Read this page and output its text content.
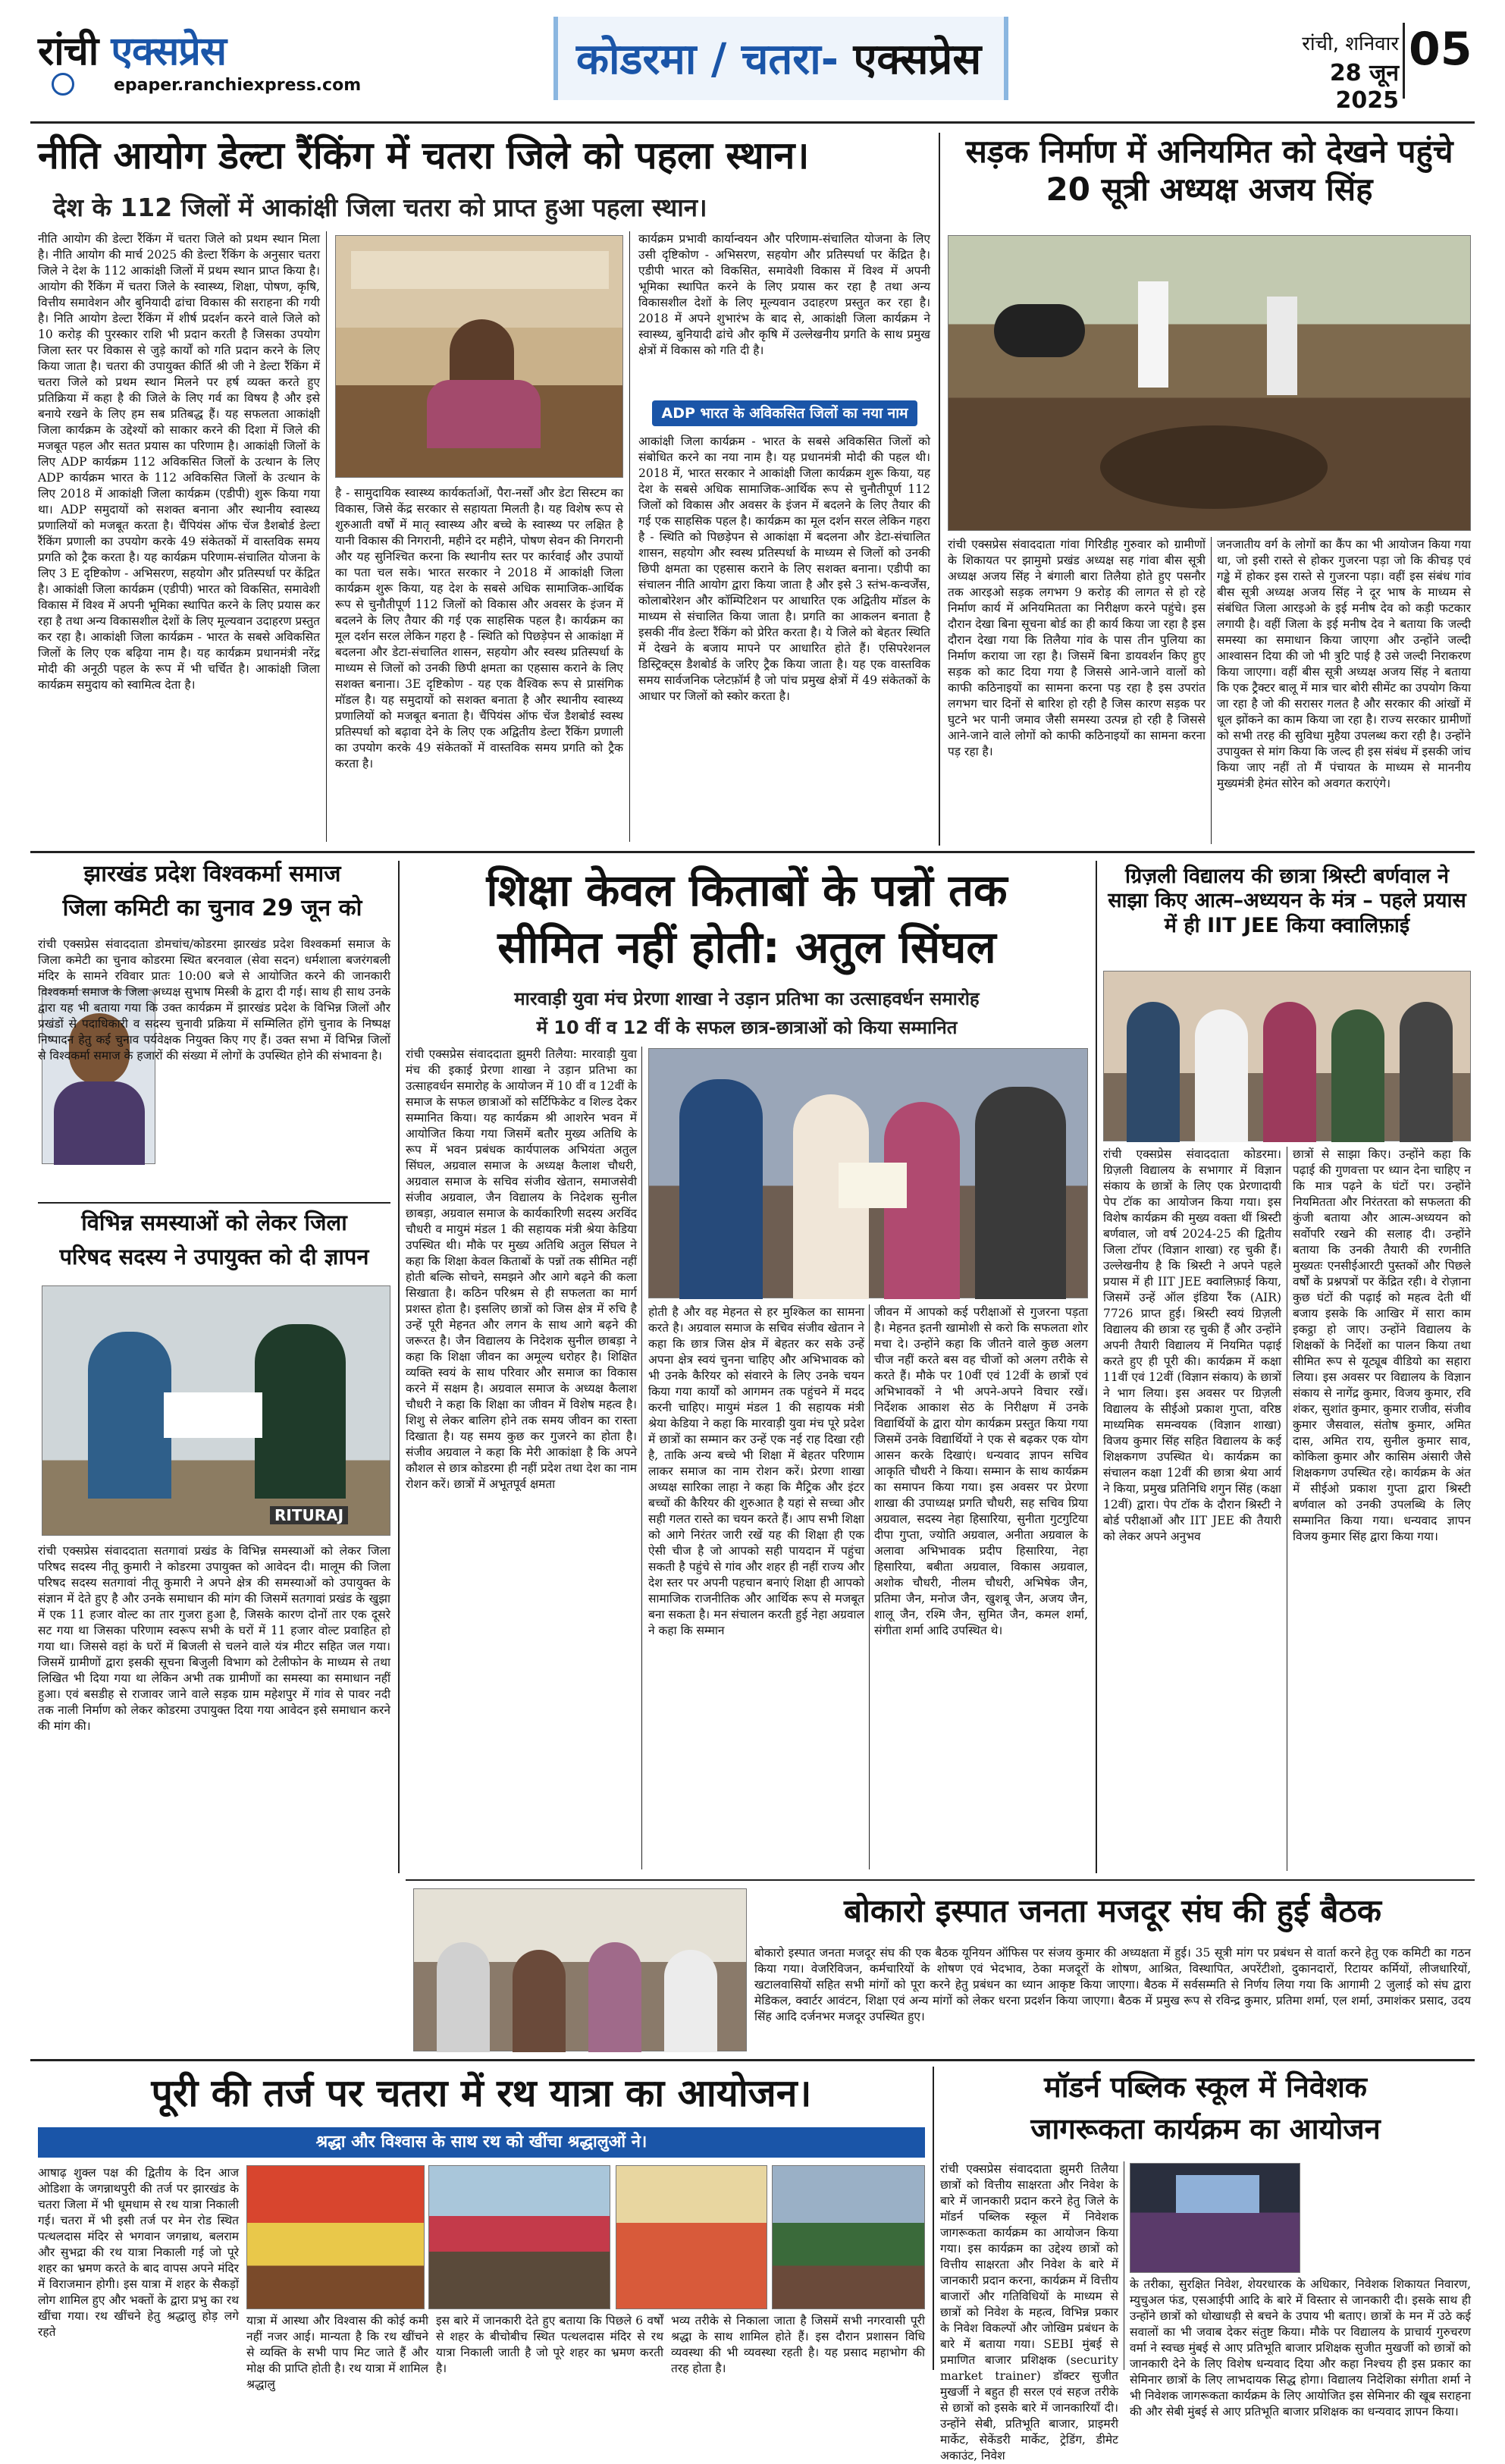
रांची एक्सप्रेस
epaper.ranchiexpress.com
कोडरमा / चतरा- एक्सप्रेस	रांची, शनिवार
28 जून 2025
05
नीति आयोग डेल्टा रैंकिंग में चतरा जिले को पहला स्थान।
देश के 112 जिलों में आकांक्षी जिला चतरा को प्राप्त हुआ पहला स्थान।
नीति आयोग की डेल्टा रैंकिंग में चतरा जिले को प्रथम स्थान मिला है। नीति आयोग की मार्च 2025 की डेल्टा रैंकिंग के अनुसार चतरा जिले ने देश के 112 आकांक्षी जिलों में प्रथम स्थान प्राप्त किया है। आयोग की रैंकिंग में चतरा जिले के स्वास्थ्य, शिक्षा, पोषण, कृषि, वित्तीय समावेशन और बुनियादी ढांचा विकास की सराहना की गयी है। निति आयोग डेल्टा रैंकिंग में शीर्ष प्रदर्शन करने वाले जिले को 10 करोड़ की पुरस्कार राशि भी प्रदान करती है जिसका उपयोग जिला स्तर पर विकास से जुड़े कार्यों को गति प्रदान करने के लिए किया जाता है। चतरा की उपायुक्त कीर्ति श्री जी ने डेल्टा रैंकिंग में चतरा जिले को प्रथम स्थान मिलने पर हर्ष व्यक्त करते हुए प्रतिक्रिया में कहा है की जिले के लिए गर्व का विषय है और इसे बनाये रखने के लिए हम सब प्रतिबद्ध हैं। यह सफलता आकांक्षी जिला कार्यक्रम के उद्देश्यों को साकार करने की दिशा में जिले की मजबूत पहल और सतत प्रयास का परिणाम है। आकांक्षी जिलों के लिए ADP कार्यक्रम 112 अविकसित जिलों के उत्थान के लिए ADP कार्यक्रम भारत के 112 अविकसित जिलों के उत्थान के लिए 2018 में आकांक्षी जिला कार्यक्रम (एडीपी) शुरू किया गया था। ADP समुदायों को सशक्त बनाना और स्थानीय स्वास्थ्य प्रणालियों को मजबूत करता है। चैंपियंस ऑफ चेंज डैशबोर्ड डेल्टा रैंकिंग प्रणाली का उपयोग करके 49 संकेतकों में वास्तविक समय प्रगति को ट्रैक करता है। यह कार्यक्रम परिणाम-संचालित योजना के लिए 3 E दृष्टिकोण - अभिसरण, सहयोग और प्रतिस्पर्धा पर केंद्रित है। आकांक्षी जिला कार्यक्रम (एडीपी) भारत को विकसित, समावेशी विकास में विश्व में अपनी भूमिका स्थापित करने के लिए प्रयास कर रहा है तथा अन्य विकासशील देशों के लिए मूल्यवान उदाहरण प्रस्तुत कर रहा है। आकांक्षी जिला कार्यक्रम - भारत के सबसे अविकसित जिलों के लिए एक बढ़िया नाम है। यह कार्यक्रम प्रधानमंत्री नरेंद्र मोदी की अनूठी पहल के रूप में भी चर्चित है। आकांक्षी जिला कार्यक्रम समुदाय को स्वामित्व देता है।
है - सामुदायिक स्वास्थ्य कार्यकर्ताओं, पैरा-नर्सों और डेटा सिस्टम का विकास, जिसे केंद्र सरकार से सहायता मिलती है। यह विशेष रूप से शुरुआती वर्षों में मातृ स्वास्थ्य और बच्चे के स्वास्थ्य पर लक्षित है यानी विकास की निगरानी, महीने दर महीने, पोषण सेवन की निगरानी और यह सुनिश्चित करना कि स्थानीय स्तर पर कार्रवाई और उपायों का पता चल सके। भारत सरकार ने 2018 में आकांक्षी जिला कार्यक्रम शुरू किया, यह देश के सबसे अधिक सामाजिक-आर्थिक रूप से चुनौतीपूर्ण 112 जिलों को विकास और अवसर के इंजन में बदलने के लिए तैयार की गई एक साहसिक पहल है। कार्यक्रम का मूल दर्शन सरल लेकिन गहरा है - स्थिति को पिछड़ेपन से आकांक्षा में बदलना और डेटा-संचालित शासन, सहयोग और स्वस्थ प्रतिस्पर्धा के माध्यम से जिलों को उनकी छिपी क्षमता का एहसास कराने के लिए सशक्त बनाना। 3E दृष्टिकोण - यह एक वैश्विक रूप से प्रासंगिक मॉडल है। यह समुदायों को सशक्त बनाता है और स्थानीय स्वास्थ्य प्रणालियों को मजबूत बनाता है। चैंपियंस ऑफ चेंज डैशबोर्ड स्वस्थ प्रतिस्पर्धा को बढ़ावा देने के लिए एक अद्वितीय डेल्टा रैंकिंग प्रणाली का उपयोग करके 49 संकेतकों में वास्तविक समय प्रगति को ट्रैक करता है।
कार्यक्रम प्रभावी कार्यान्वयन और परिणाम-संचालित योजना के लिए उसी दृष्टिकोण - अभिसरण, सहयोग और प्रतिस्पर्धा पर केंद्रित है। एडीपी भारत को विकसित, समावेशी विकास में विश्व में अपनी भूमिका स्थापित करने के लिए प्रयास कर रहा है तथा अन्य विकासशील देशों के लिए मूल्यवान उदाहरण प्रस्तुत कर रहा है। 2018 में अपने शुभारंभ के बाद से, आकांक्षी जिला कार्यक्रम ने स्वास्थ्य, बुनियादी ढांचे और कृषि में उल्लेखनीय प्रगति के साथ प्रमुख क्षेत्रों में विकास को गति दी है।
ADP भारत के अविकसित जिलों का नया नाम
आकांक्षी जिला कार्यक्रम - भारत के सबसे अविकसित जिलों को संबोधित करने का नया नाम है। यह प्रधानमंत्री मोदी की पहल थी। 2018 में, भारत सरकार ने आकांक्षी जिला कार्यक्रम शुरू किया, यह देश के सबसे अधिक सामाजिक-आर्थिक रूप से चुनौतीपूर्ण 112 जिलों को विकास और अवसर के इंजन में बदलने के लिए तैयार की गई एक साहसिक पहल है। कार्यक्रम का मूल दर्शन सरल लेकिन गहरा है - स्थिति को पिछड़ेपन से आकांक्षा में बदलना और डेटा-संचालित शासन, सहयोग और स्वस्थ प्रतिस्पर्धा के माध्यम से जिलों को उनकी छिपी क्षमता का एहसास कराने के लिए सशक्त बनाना। एडीपी का संचालन नीति आयोग द्वारा किया जाता है और इसे 3 स्तंभ-कन्वर्जेंस, कोलाबोरेशन और कॉम्पिटिशन पर आधारित एक अद्वितीय मॉडल के माध्यम से संचालित किया जाता है। प्रगति का आकलन बनाता है इसकी नींव डेल्टा रैंकिंग को प्रेरित करता है। ये जिले को बेहतर स्थिति में देखने के बजाय मापने पर आधारित होते हैं। एसिपरेशनल डिस्ट्रिक्ट्स डैशबोर्ड के जरिए ट्रैक किया जाता है। यह एक वास्तविक समय सार्वजनिक प्लेटफ़ॉर्म है जो पांच प्रमुख क्षेत्रों में 49 संकेतकों के आधार पर जिलों को स्कोर करता है।
सड़क निर्माण में अनियमित को देखने पहुंचे 20 सूत्री अध्यक्ष अजय सिंह
रांची एक्सप्रेस संवाददाता गांवा गिरिडीह गुरुवार को ग्रामीणों के शिकायत पर झामुमो प्रखंड अध्यक्ष सह गांवा बीस सूत्री अध्यक्ष अजय सिंह ने बंगाली बारा तिलैया होते हुए पसनौर तक आरइओ सड़क लगभग 9 करोड़ की लागत से हो रहे निर्माण कार्य में अनियमितता का निरीक्षण करने पहुंचे। इस दौरान देखा बिना सूचना बोर्ड का ही कार्य किया जा रहा है इस दौरान देखा गया कि तिलैया गांव के पास तीन पुलिया का निर्माण कराया जा रहा है। जिसमें बिना डायवर्शन किए हुए सड़क को काट दिया गया है जिससे आने-जाने वालों को काफी कठिनाइयों का सामना करना पड़ रहा है इस उपरांत लगभग चार दिनों से बारिश हो रही है जिस कारण सड़क पर घुटने भर पानी जमाव जैसी समस्या उत्पन्न हो रही है जिससे आने-जाने वाले लोगों को काफी कठिनाइयों का सामना करना पड़ रहा है।
जनजातीय वर्ग के लोगों का कैंप का भी आयोजन किया गया था, जो इसी रास्ते से होकर गुजरना पड़ा जो कि कीचड़ एवं गड्ढे में होकर इस रास्ते से गुजरना पड़ा। वहीं इस संबंध गांव बीस सूत्री अध्यक्ष अजय सिंह ने दूर भाष के माध्यम से संबंधित जिला आरइओ के इई मनीष देव को कड़ी फटकार लगायी है। वहीं जिला के इई मनीष देव ने बताया कि जल्दी समस्या का समाधान किया जाएगा और उन्होंने जल्दी आश्वासन दिया की जो भी त्रुटि पाई है उसे जल्दी निराकरण किया जाएगा। वहीं बीस सूत्री अध्यक्ष अजय सिंह ने बताया कि एक ट्रैक्टर बालू में मात्र चार बोरी सीमेंट का उपयोग किया जा रहा है जो की सरासर गलत है और सरकार की आंखों में धूल झोंकने का काम किया जा रहा है। राज्य सरकार ग्रामीणों को सभी तरह की सुविधा मुहैया उपलब्ध करा रही है। उन्होंने उपायुक्त से मांग किया कि जल्द ही इस संबंध में इसकी जांच किया जाए नहीं तो मैं पंचायत के माध्यम से माननीय मुख्यमंत्री हेमंत सोरेन को अवगत कराएंगे।
झारखंड प्रदेश विश्वकर्मा समाज
जिला कमिटी का चुनाव 29 जून को
रांची एक्सप्रेस संवाददाता डोमचांच/कोडरमा झारखंड प्रदेश विश्वकर्मा समाज के जिला कमेटी का चुनाव कोडरमा स्थित बरनवाल (सेवा सदन) धर्मशाला बजरंगबली मंदिर के सामने रविवार प्रातः 10:00 बजे से आयोजित करने की जानकारी विश्वकर्मा समाज के जिला अध्यक्ष सुभाष मिस्त्री के द्वारा दी गई। साथ ही साथ उनके द्वारा यह भी बताया गया कि उक्त कार्यक्रम में झारखंड प्रदेश के विभिन्न जिलों और प्रखंडों से पदाधिकारी व सदस्य चुनावी प्रक्रिया में सम्मिलित होंगे चुनाव के निष्पक्ष निष्पादन हेतु कई चुनाव पर्यवेक्षक नियुक्त किए गए हैं। उक्त सभा में विभिन्न जिलों से विश्वकर्मा समाज के हजारों की संख्या में लोगों के उपस्थित होने की संभावना है।
विभिन्न समस्याओं को लेकर जिला
परिषद सदस्य ने उपायुक्त को दी ज्ञापन
RITURAJ
रांची एक्सप्रेस संवाददाता सतगावां प्रखंड के विभिन्न समस्याओं को लेकर जिला परिषद सदस्य नीतू कुमारी ने कोडरमा उपायुक्त को आवेदन दी। मालूम की जिला परिषद सदस्य सतगावां नीतू कुमारी ने अपने क्षेत्र की समस्याओं को उपायुक्त के संज्ञान में देते हुए है और उनके समाधान की मांग की जिसमें सतगावां प्रखंड के खुझा में एक 11 हजार वोल्ट का तार गुजरा हुआ है, जिसके कारण दोनों तार एक दूसरे सट गया था जिसका परिणाम स्वरूप सभी के घरों में 11 हजार वोल्ट प्रवाहित हो गया था। जिससे वहां के घरों में बिजली से चलने वाले यंत्र मीटर सहित जल गया। जिसमें ग्रामीणों द्वारा इसकी सूचना बिजुली विभाग को टेलीफोन के माध्यम से तथा लिखित भी दिया गया था लेकिन अभी तक ग्रामीणों का समस्या का समाधान नहीं हुआ। एवं बसडीह से राजावर जाने वाले सड़क ग्राम महेशपुर में गांव से पावर नदी तक नाली निर्माण को लेकर कोडरमा उपायुक्त दिया गया आवेदन इसे समाधान करने की मांग की।
शिक्षा केवल किताबों के पन्नों तक
सीमित नहीं होती: अतुल सिंघल
मारवाड़ी युवा मंच प्रेरणा शाखा ने उड़ान प्रतिभा का उत्साहवर्धन समारोह
में 10 वीं व 12 वीं के सफल छात्र-छात्राओं को किया सम्मानित
रांची एक्सप्रेस संवाददाता झुमरी तिलैया: मारवाड़ी युवा मंच की इकाई प्रेरणा शाखा ने उड़ान प्रतिभा का उत्साहवर्धन समारोह के आयोजन में 10 वीं व 12वीं के समाज के सफल छात्राओं को सर्टिफिकेट व शिल्ड देकर सम्मानित किया। यह कार्यक्रम श्री आशरेन भवन में आयोजित किया गया जिसमें बतौर मुख्य अतिथि के रूप में भवन प्रबंधक कार्यपालक अभियंता अतुल सिंघल, अग्रवाल समाज के अध्यक्ष कैलाश चौधरी, अग्रवाल समाज के सचिव संजीव खेतान, समाजसेवी संजीव अग्रवाल, जैन विद्यालय के निदेशक सुनील छाबड़ा, अग्रवाल समाज के कार्यकारिणी सदस्य अरविंद चौधरी व मायुमं मंडल 1 की सहायक मंत्री श्रेया केडिया उपस्थित थी। मौके पर मुख्य अतिथि अतुल सिंघल ने कहा कि शिक्षा केवल किताबों के पन्नों तक सीमित नहीं होती बल्कि सोचने, समझने और आगे बढ़ने की कला सिखाता है। कठिन परिश्रम से ही सफलता का मार्ग प्रशस्त होता है। इसलिए छात्रों को जिस क्षेत्र में रुचि है उन्हें पूरी मेहनत और लगन के साथ आगे बढ़ने की जरूरत है। जैन विद्यालय के निदेशक सुनील छाबड़ा ने कहा कि शिक्षा जीवन का अमूल्य धरोहर है। शिक्षित व्यक्ति स्वयं के साथ परिवार और समाज का विकास करने में सक्षम है। अग्रवाल समाज के अध्यक्ष कैलाश चौधरी ने कहा कि शिक्षा का जीवन में विशेष महत्व है। शिशु से लेकर बालिग होने तक समय जीवन का रास्ता दिखाता है। यह समय कुछ कर गुजरने का होता है। संजीव अग्रवाल ने कहा कि मेरी आकांक्षा है कि अपने कौशल से छात्र कोडरमा ही नहीं प्रदेश तथा देश का नाम रोशन करें। छात्रों में अभूतपूर्व क्षमता
होती है और वह मेहनत से हर मुश्किल का सामना करते है। अग्रवाल समाज के सचिव संजीव खेतान ने कहा कि छात्र जिस क्षेत्र में बेहतर कर सके उन्हें अपना क्षेत्र स्वयं चुनना चाहिए और अभिभावक को भी उनके कैरियर को संवारने के लिए उनके चयन किया गया कार्यों को आगमन तक पहुंचने में मदद करनी चाहिए। मायुमं मंडल 1 की सहायक मंत्री श्रेया केडिया ने कहा कि मारवाड़ी युवा मंच पूरे प्रदेश में छात्रों का सम्मान कर उन्हें एक नई राह दिखा रही है, ताकि अन्य बच्चे भी शिक्षा में बेहतर परिणाम लाकर समाज का नाम रोशन करें। प्रेरणा शाखा अध्यक्ष सारिका लाहा ने कहा कि मैट्रिक और इंटर बच्चों की कैरियर की शुरुआत है यहां से सच्चा और सही गलत रास्ते का चयन करते हैं। आप सभी शिक्षा को आगे निरंतर जारी रखें यह की शिक्षा ही एक ऐसी चीज है जो आपको सही पायदान में पहुंचा सकती है पहुंचे से गांव और शहर ही नहीं राज्य और देश स्तर पर अपनी पहचान बनाएं शिक्षा ही आपको सामाजिक राजनीतिक और आर्थिक रूप से मजबूत बना सकता है। मन संचालन करती हुई नेहा अग्रवाल ने कहा कि सम्मान
जीवन में आपको कई परीक्षाओं से गुजरना पड़ता है। मेहनत इतनी खामोशी से करो कि सफलता शोर मचा दे। उन्होंने कहा कि जीतने वाले कुछ अलग चीज नहीं करते बस वह चीजों को अलग तरीके से करते हैं। मौके पर 10वीं एवं 12वीं के छात्रों एवं अभिभावकों ने भी अपने-अपने विचार रखें। निर्देशक आकाश सेठ के निरीक्षण में उनके विद्यार्थियों के द्वारा योग कार्यक्रम प्रस्तुत किया गया जिसमें उनके विद्यार्थियों ने एक से बढ़कर एक योग आसन करके दिखाएं। धन्यवाद ज्ञापन सचिव आकृति चौधरी ने किया। सम्मान के साथ कार्यक्रम का समापन किया गया। इस अवसर पर प्रेरणा शाखा की उपाध्यक्ष प्रगति चौधरी, सह सचिव प्रिया अग्रवाल, सदस्य नेहा हिसारिया, सुनीता गुटगुटिया दीपा गुप्ता, ज्योति अग्रवाल, अनीता अग्रवाल के अलावा अभिभावक प्रदीप हिसारिया, नेहा हिसारिया, बबीता अग्रवाल, विकास अग्रवाल, अशोक चौधरी, नीलम चौधरी, अभिषेक जैन, प्रतिमा जैन, मनोज जैन, खुशबू जैन, अजय जैन, शालू जैन, रश्मि जैन, सुमित जैन, कमल शर्मा, संगीता शर्मा आदि उपस्थित थे।
ग्रिज़ली विद्यालय की छात्रा श्रिस्टी बर्णवाल ने साझा किए आत्म–अध्ययन के मंत्र – पहले प्रयास में ही IIT JEE किया क्वालिफ़ाई
रांची एक्सप्रेस संवाददाता कोडरमा। ग्रिज़ली विद्यालय के सभागार में विज्ञान संकाय के छात्रों के लिए एक प्रेरणादायी पेप टॉक का आयोजन किया गया। इस विशेष कार्यक्रम की मुख्य वक्ता थीं श्रिस्टी बर्णवाल, जो वर्ष 2024-25 की द्वितीय जिला टॉपर (विज्ञान शाखा) रह चुकी हैं। उल्लेखनीय है कि श्रिस्टी ने अपने पहले प्रयास में ही IIT JEE क्वालिफ़ाई किया, जिसमें उन्हें ऑल इंडिया रैंक (AIR) 7726 प्राप्त हुई। श्रिस्टी स्वयं ग्रिज़ली विद्यालय की छात्रा रह चुकी हैं और उन्होंने अपनी तैयारी विद्यालय में नियमित पढ़ाई करते हुए ही पूरी की। कार्यक्रम में कक्षा 11वीं एवं 12वीं (विज्ञान संकाय) के छात्रों ने भाग लिया। इस अवसर पर ग्रिज़ली विद्यालय के सीईओ प्रकाश गुप्ता, वरिष्ठ माध्यमिक समन्वयक (विज्ञान शाखा) विजय कुमार सिंह सहित विद्यालय के कई शिक्षकगण उपस्थित थे। कार्यक्रम का संचालन कक्षा 12वीं की छात्रा श्रेया आर्य ने किया, प्रमुख प्रतिनिधि शगुन सिंह (कक्षा 12वीं) द्वारा। पेप टॉक के दौरान श्रिस्टी ने बोर्ड परीक्षाओं और IIT JEE की तैयारी को लेकर अपने अनुभव
छात्रों से साझा किए। उन्होंने कहा कि पढ़ाई की गुणवत्ता पर ध्यान देना चाहिए न कि मात्र पढ़ने के घंटों पर। उन्होंने नियमितता और निरंतरता को सफलता की कुंजी बताया और आत्म-अध्ययन को सर्वोपरि रखने की सलाह दी। उन्होंने बताया कि उनकी तैयारी की रणनीति मुख्यतः एनसीईआरटी पुस्तकों और पिछले वर्षों के प्रश्नपत्रों पर केंद्रित रही। वे रोज़ाना कुछ घंटों की पढ़ाई को महत्व देती थीं बजाय इसके कि आखिर में सारा काम इकट्ठा हो जाए। उन्होंने विद्यालय के शिक्षकों के निर्देशों का पालन किया तथा सीमित रूप से यूट्यूब वीडियो का सहारा लिया। इस अवसर पर विद्यालय के विज्ञान संकाय से नागेंद्र कुमार, विजय कुमार, रवि शंकर, सुशांत कुमार, कुमार राजीव, संजीव कुमार जैसवाल, संतोष कुमार, अमित दास, अमित राय, सुनील कुमार साव, कोकिला कुमार और कासिम अंसारी जैसे शिक्षकगण उपस्थित रहे। कार्यक्रम के अंत में सीईओ प्रकाश गुप्ता द्वारा श्रिस्टी बर्णवाल को उनकी उपलब्धि के लिए सम्मानित किया गया। धन्यवाद ज्ञापन विजय कुमार सिंह द्वारा किया गया।
बोकारो इस्पात जनता मजदूर संघ की हुई बैठक
बोकारो इस्पात जनता मजदूर संघ की एक बैठक यूनियन ऑफिस पर संजय कुमार की अध्यक्षता में हुई। 35 सूत्री मांग पर प्रबंधन से वार्ता करने हेतु एक कमिटी का गठन किया गया। वेजरिविजन, कर्मचारियों के शोषण एवं भेदभाव, ठेका मजदूरों के शोषण, आश्रित, विस्थापित, अपरेंटीशो, दुकानदारों, रिटायर कर्मियों, लीजधारियों, खटालवासियों सहित सभी मांगों को पूरा करने हेतु प्रबंधन का ध्यान आकृष्ट किया जाएगा। बैठक में सर्वसम्मति से निर्णय लिया गया कि आगामी 2 जुलाई को संघ द्वारा मेडिकल, क्वार्टर आवंटन, शिक्षा एवं अन्य मांगों को लेकर धरना प्रदर्शन किया जाएगा। बैठक में प्रमुख रूप से रविन्द्र कुमार, प्रतिमा शर्मा, एल शर्मा, उमाशंकर प्रसाद, उदय सिंह आदि दर्जनभर मजदूर उपस्थित हुए।
पूरी की तर्ज पर चतरा में रथ यात्रा का आयोजन।
श्रद्धा और विश्वास के साथ रथ को खींचा श्रद्धालुओं ने।
आषाढ़ शुक्ल पक्ष की द्वितीय के दिन आज ओडिशा के जगन्नाथपुरी की तर्ज पर झारखंड के चतरा जिला में भी धूमधाम से रथ यात्रा निकाली गई। चतरा में भी इसी तर्ज पर मेन रोड स्थित पत्थलदास मंदिर से भगवान जगन्नाथ, बलराम और सुभद्रा की रथ यात्रा निकाली गई जो पूरे शहर का भ्रमण करते के बाद वापस अपने मंदिर में विराजमान होगी। इस यात्रा में शहर के सैकड़ों लोग शामिल हुए और भक्तों के द्वारा प्रभु का रथ खींचा गया। रथ खींचने हेतु श्रद्धालु होड़ लगे रहते
यात्रा में आस्था और विश्वास की कोई कमी नहीं नजर आई। मान्यता है कि रथ खींचने से व्यक्ति के सभी पाप मिट जाते हैं और मोक्ष की प्राप्ति होती है। रथ यात्रा में शामिल श्रद्धालु
इस बारे में जानकारी देते हुए बताया कि पिछले 6 वर्षों से शहर के बीचोबीच स्थित पत्थलदास मंदिर से रथ यात्रा निकाली जाती है जो पूरे शहर का भ्रमण करती है।
भव्य तरीके से निकाला जाता है जिसमें सभी नगरवासी पूरी श्रद्धा के साथ शामिल होते हैं। इस दौरान प्रशासन विधि व्यवस्था की भी व्यवस्था रहती है। यह प्रसाद महाभोग की तरह होता है।
मॉडर्न पब्लिक स्कूल में निवेशक
जागरूकता कार्यक्रम का आयोजन
रांची एक्सप्रेस संवाददाता झुमरी तिलैया छात्रों को वित्तीय साक्षरता और निवेश के बारे में जानकारी प्रदान करने हेतु जिले के मॉडर्न पब्लिक स्कूल में निवेशक जागरूकता कार्यक्रम का आयोजन किया गया। इस कार्यक्रम का उद्देश्य छात्रों को वित्तीय साक्षरता और निवेश के बारे में जानकारी प्रदान करना, कार्यक्रम में वित्तीय बाजारों और गतिविधियों के माध्यम से छात्रों को निवेश के महत्व, विभिन्न प्रकार के निवेश विकल्पों और जोखिम प्रबंधन के बारे में बताया गया। SEBI मुंबई से प्रमाणित बाजार प्रशिक्षक (security market trainer) डॉक्टर सुजीत मुखर्जी ने बहुत ही सरल एवं सहज तरीके से छात्रों को इसके बारे में जानकारियाँ दी। उन्होंने सेबी, प्रतिभूति बाजार, प्राइमरी मार्केट, सेकेंडरी मार्केट, ट्रेडिंग, डीमेट अकाउंट, निवेश
के तरीका, सुरक्षित निवेश, शेयरधारक के अधिकार, निवेशक शिकायत निवारण, म्युचुअल फंड, एसआईपी आदि के बारे में विस्तार से जानकारी दी। इसके साथ ही उन्होंने छात्रों को धोखाधड़ी से बचने के उपाय भी बताए। छात्रों के मन में उठे कई सवालों का भी जवाब देकर संतुष्ट किया। मौके पर विद्यालय के प्राचार्य गुरुचरण वर्मा ने स्वच्छ मुंबई से आए प्रतिभूति बाजार प्रशिक्षक सुजीत मुखर्जी को छात्रों को जानकारी देने के लिए विशेष धन्यवाद दिया और कहा निश्चय ही इस प्रकार का सेमिनार छात्रों के लिए लाभदायक सिद्ध होगा। विद्यालय निदेशिका संगीता शर्मा ने भी निवेशक जागरूकता कार्यक्रम के लिए आयोजित इस सेमिनार की खूब सराहना की और सेबी मुंबई से आए प्रतिभूति बाजार प्रशिक्षक का धन्यवाद ज्ञापन किया।
